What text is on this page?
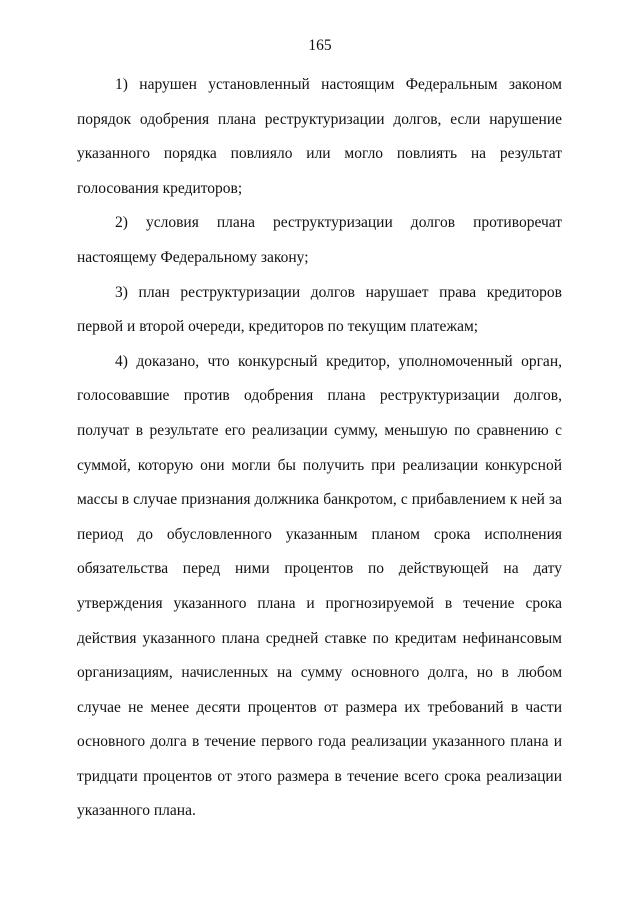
165

1) нарушен установленный настоящим Федеральным законом порядок одобрения плана реструктуризации долгов, если нарушение указанного порядка повлияло или могло повлиять на результат голосования кредиторов;

2) условия плана реструктуризации долгов противоречат настоящему Федеральному закону;

3) план реструктуризации долгов нарушает права кредиторов первой и второй очереди, кредиторов по текущим платежам;

4) доказано, что конкурсный кредитор, уполномоченный орган, голосовавшие против одобрения плана реструктуризации долгов, получат в результате его реализации сумму, меньшую по сравнению с суммой, которую они могли бы получить при реализации конкурсной массы в случае признания должника банкротом, с прибавлением к ней за период до обусловленного указанным планом срока исполнения обязательства перед ними процентов по действующей на дату утверждения указанного плана и прогнозируемой в течение срока действия указанного плана средней ставке по кредитам нефинансовым организациям, начисленных на сумму основного долга, но в любом случае не менее десяти процентов от размера их требований в части основного долга в течение первого года реализации указанного плана и тридцати процентов от этого размера в течение всего срока реализации указанного плана.
